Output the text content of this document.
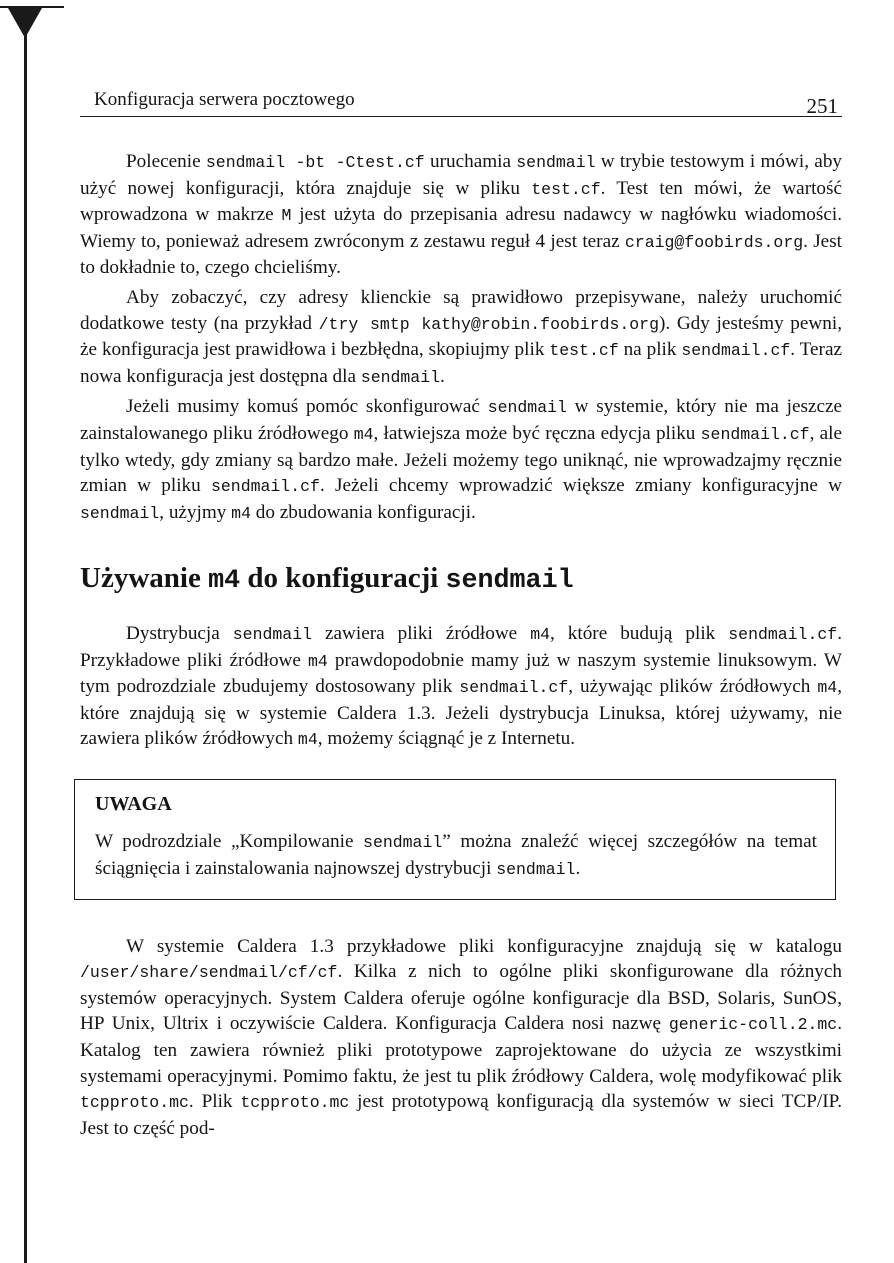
Konfiguracja serwera pocztowego	251

Polecenie sendmail -bt -Ctest.cf uruchamia sendmail w trybie testowym i mówi, aby użyć nowej konfiguracji, która znajduje się w pliku test.cf. Test ten mówi, że wartość wprowadzona w makrze M jest użyta do przepisania adresu nadawcy w nagłówku wiadomości. Wiemy to, ponieważ adresem zwróconym z zestawu reguł 4 jest teraz craig@foobirds.org. Jest to dokładnie to, czego chcieliśmy.

Aby zobaczyć, czy adresy klienckie są prawidłowo przepisywane, należy uruchomić dodatkowe testy (na przykład /try smtp kathy@robin.foobirds.org). Gdy jesteśmy pewni, że konfiguracja jest prawidłowa i bezbłędna, skopiujmy plik test.cf na plik sendmail.cf. Teraz nowa konfiguracja jest dostępna dla sendmail.

Jeżeli musimy komuś pomóc skonfigurować sendmail w systemie, który nie ma jeszcze zainstalowanego pliku źródłowego m4, łatwiejsza może być ręczna edycja pliku sendmail.cf, ale tylko wtedy, gdy zmiany są bardzo małe. Jeżeli możemy tego uniknąć, nie wprowadzajmy ręcznie zmian w pliku sendmail.cf. Jeżeli chcemy wprowadzić większe zmiany konfiguracyjne w sendmail, użyjmy m4 do zbudowania konfiguracji.

Używanie m4 do konfiguracji sendmail

Dystrybucja sendmail zawiera pliki źródłowe m4, które budują plik sendmail.cf. Przykładowe pliki źródłowe m4 prawdopodobnie mamy już w naszym systemie linuksowym. W tym podrozdziale zbudujemy dostosowany plik sendmail.cf, używając plików źródłowych m4, które znajdują się w systemie Caldera 1.3. Jeżeli dystrybucja Linuksa, której używamy, nie zawiera plików źródłowych m4, możemy ściągnąć je z Internetu.

UWAGA

W podrozdziale „Kompilowanie sendmail” można znaleźć więcej szczegółów na temat ściągnięcia i zainstalowania najnowszej dystrybucji sendmail.

W systemie Caldera 1.3 przykładowe pliki konfiguracyjne znajdują się w katalogu /user/share/sendmail/cf/cf. Kilka z nich to ogólne pliki skonfigurowane dla różnych systemów operacyjnych. System Caldera oferuje ogólne konfiguracje dla BSD, Solaris, SunOS, HP Unix, Ultrix i oczywiście Caldera. Konfiguracja Caldera nosi nazwę generic-coll.2.mc. Katalog ten zawiera również pliki prototypowe zaprojektowane do użycia ze wszystkimi systemami operacyjnymi. Pomimo faktu, że jest tu plik źródłowy Caldera, wolę modyfikować plik tcpproto.mc. Plik tcpproto.mc jest prototypową konfiguracją dla systemów w sieci TCP/IP. Jest to część pod-
